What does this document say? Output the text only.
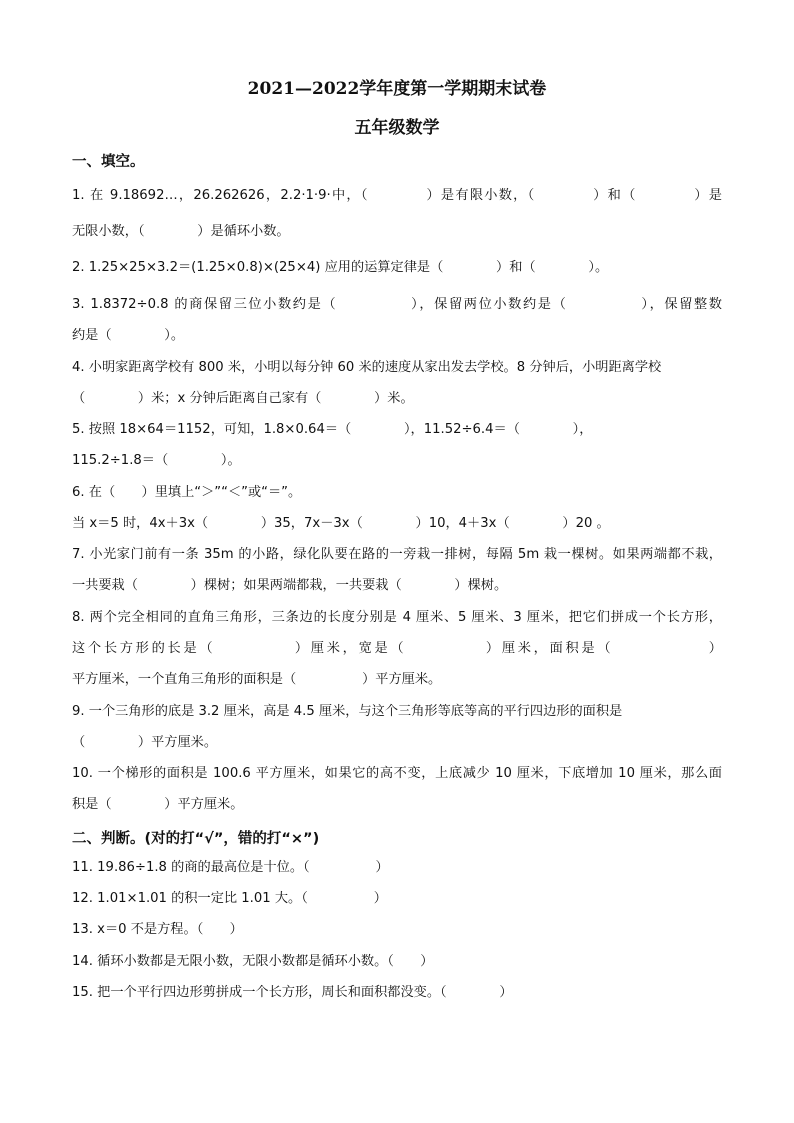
2021—2022学年度第一学期期末试卷
五年级数学
一、填空。
1. 在 9.18692…，26.262626，2.2·1·9·中，（　　　　）是有限小数，（　　　　）和（　　　　）是
无限小数，（　　　　）是循环小数。
2. 1.25×25×3.2＝(1.25×0.8)×(25×4) 应用的运算定律是（　　　　）和（　　　　）。
3. 1.8372÷0.8 的商保留三位小数约是（　　　　　），保留两位小数约是（　　　　　），保留整数
约是（　　　　）。
4. 小明家距离学校有 800 米，小明以每分钟 60 米的速度从家出发去学校。8 分钟后，小明距离学校
（　　　　）米；x 分钟后距离自己家有（　　　　）米。
5. 按照 18×64＝1152，可知，1.8×0.64＝（　　　　），11.52÷6.4＝（　　　　），
115.2÷1.8＝（　　　　）。
6. 在（　　）里填上“＞”“＜”或“＝”。
当 x＝5 时，4x＋3x（　　　　）35，7x－3x（　　　　）10，4＋3x（　　　　）20 。
7. 小光家门前有一条 35m 的小路，绿化队要在路的一旁栽一排树，每隔 5m 栽一棵树。如果两端都不栽，
一共要栽（　　　　）棵树；如果两端都栽，一共要栽（　　　　）棵树。
8. 两个完全相同的直角三角形，三条边的长度分别是 4 厘米、5 厘米、3 厘米，把它们拼成一个长方形，
这个长方形的长是（　　　　　）厘米，宽是（　　　　　）厘米，面积是（　　　　　　）
平方厘米，一个直角三角形的面积是（　　　　　）平方厘米。
9. 一个三角形的底是 3.2 厘米，高是 4.5 厘米，与这个三角形等底等高的平行四边形的面积是
（　　　　）平方厘米。
10. 一个梯形的面积是 100.6 平方厘米，如果它的高不变，上底减少 10 厘米，下底增加 10 厘米，那么面
积是（　　　　）平方厘米。
二、判断。(对的打“√”，错的打“×”)
11. 19.86÷1.8 的商的最高位是十位。（　　　　　）
12. 1.01×1.01 的积一定比 1.01 大。（　　　　　）
13. x＝0 不是方程。（　　）
14. 循环小数都是无限小数，无限小数都是循环小数。（　　）
15. 把一个平行四边形剪拼成一个长方形，周长和面积都没变。（　　　　）
